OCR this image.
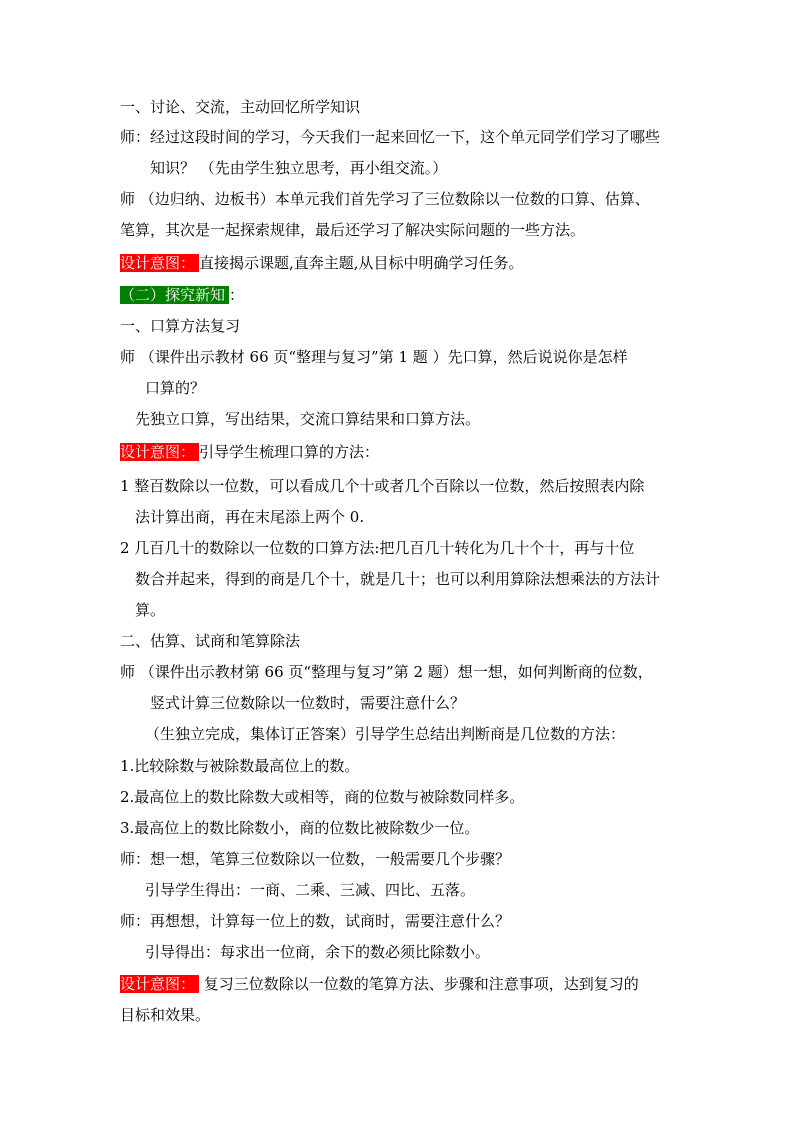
一、讨论、交流，主动回忆所学知识
师：经过这段时间的学习，今天我们一起来回忆一下，这个单元同学们学习了哪些
知识？ （先由学生独立思考，再小组交流。）
师 （边归纳、边板书）本单元我们首先学习了三位数除以一位数的口算、估算、
笔算，其次是一起探索规律，最后还学习了解决实际问题的一些方法。
设计意图： 直接揭示课题,直奔主题,从目标中明确学习任务。
（二）探究新知 ：
一、口算方法复习
师 （课件出示教材 66 页“整理与复习”第 1 题 ）先口算，然后说说你是怎样
口算的？
先独立口算，写出结果，交流口算结果和口算方法。
设计意图： 引导学生梳理口算的方法：
1 整百数除以一位数，可以看成几个十或者几个百除以一位数，然后按照表内除
法计算出商，再在末尾添上两个 0.
2 几百几十的数除以一位数的口算方法:把几百几十转化为几十个十，再与十位
数合并起来，得到的商是几个十，就是几十；也可以利用算除法想乘法的方法计
算。
二、估算、试商和笔算除法
师 （课件出示教材第 66 页“整理与复习”第 2 题）想一想，如何判断商的位数，
竖式计算三位数除以一位数时，需要注意什么？
（生独立完成，集体订正答案）引导学生总结出判断商是几位数的方法：
1.比较除数与被除数最高位上的数。
2.最高位上的数比除数大或相等，商的位数与被除数同样多。
3.最高位上的数比除数小，商的位数比被除数少一位。
师：想一想，笔算三位数除以一位数，一般需要几个步骤？
引导学生得出：一商、二乘、三减、四比、五落。
师：再想想，计算每一位上的数，试商时，需要注意什么？
引导得出：每求出一位商，余下的数必须比除数小。
设计意图： 复习三位数除以一位数的笔算方法、步骤和注意事项，达到复习的
目标和效果。
